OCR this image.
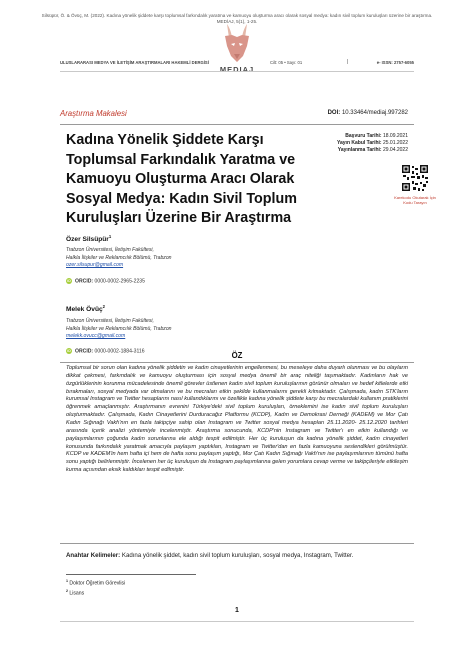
Silsüpür, Ö. & Övüç, M. (2022). Kadına yönelik şiddete karşı toplumsal farkındalık yaratma ve kamuoyu oluşturma aracı olarak sosyal medya: kadın sivil toplum kuruluşları üzerine bir araştırma. MEDİAJ, 5(1), 1-25.
MEDIAJ
ULUSLARARASI MEDYA VE İLETİŞİM ARAŞTIRMALARI HAKEMLİ DERGİSİ	Cilt: 05 • Sayı: 01	|	e- ISSN: 2757-6055
Araştırma Makalesi	DOI: 10.33464/mediaj.997282
Kadına Yönelik Şiddete Karşı Toplumsal Farkındalık Yaratma ve Kamuoyu Oluşturma Aracı Olarak Sosyal Medya: Kadın Sivil Toplum Kuruluşları Üzerine Bir Araştırma
Başvuru Tarihi: 18.09.2021
Yayın Kabul Tarihi: 25.01.2022
Yayınlanma Tarihi: 29.04.2022
Karekodu Okutarak İçin Kodu Tarayın
Özer Silsüpür$^1$
Trabzon Üniversitesi, İletişim Fakültesi,
Halkla İlişkiler ve Reklamcılık Bölümü, Trabzon
ozer.silsupur@gmail.com
iD ORCID: 0000-0002-2965-2235
Melek Övüç$^2$
Trabzon Üniversitesi, İletişim Fakültesi,
Halkla İlişkiler ve Reklamcılık Bölümü, Trabzon
melekk.ovucc@gmail.com
iD ORCID: 0000-0002-1884-3116	ÖZ

Toplumsal bir sorun olan kadına yönelik şiddetin ve kadın cinayetlerinin engellenmesi, bu meseleye daha duyarlı olunması ve bu olayların dikkat çekmesi, farkındalık ve kamuoyu oluşturması için sosyal medya önemli bir araç niteliği taşımaktadır. Kadınların hak ve özgürlüklerinin korunma mücadelesinde önemli görevler üstlenen kadın sivil toplum kuruluşlarının görünür olmaları ve hedef kitlelerde etki bırakmaları, sosyal medyada var olmalarını ve bu mecraları etkin şekilde kullanmalarını gerekli kılmaktadır. Çalışmada, kadın STK'ların kurumsal Instagram ve Twitter hesaplarını nasıl kullandıklarını ve özellikle kadına yönelik şiddete karşı bu mecralardaki kullanım pratiklerini öğrenmek amaçlanmıştır. Araştırmanın evrenini Türkiye'deki sivil toplum kuruluşları, örneklemini ise kadın sivil toplum kuruluşları oluşturmaktadır. Çalışmada, Kadın Cinayetlerini Durduracağız Platformu (KCDP), Kadın ve Demokrasi Derneği (KADEM) ve Mor Çatı Kadın Sığınağı Vakfı'nın en fazla takipçiye sahip olan Instagram ve Twitter sosyal medya hesapları 25.11.2020- 25.12.2020 tarihleri arasında içerik analizi yöntemiyle incelenmiştir. Araştırma sonucunda, KCDP'nin Instagram ve Twitter'ı en etkin kullandığı ve paylaşımlarının çoğunda kadın sorunlarına ele aldığı tespit edilmiştir. Her üç kuruluşun da kadına yönelik şiddet, kadın cinayetleri konusunda farkındalık yaratmak amacıyla paylaşım yaptıkları, Instagram ve Twitter'dan en fazla kamuoyuna seslendikleri görülmüştür. KCDP ve KADEM'in hem hafta içi hem de hafta sonu paylaşım yaptığı, Mor Çatı Kadın Sığınağı Vakfı'nın ise paylaşımlarının tümünü hafta sonu yaptığı belirlenmiştir. İncelenen her üç kuruluşun da Instagram paylaşımlarına gelen yorumlara cevap verme ve takipçileriyle etkileşim kurma açısından eksik kaldıkları tespit edilmiştir.

Anahtar Kelimeler: Kadına yönelik şiddet, kadın sivil toplum kuruluşları, sosyal medya, Instagram, Twitter.
$^1$ Doktor Öğretim Görevlisi
$^2$ Lisans
1
